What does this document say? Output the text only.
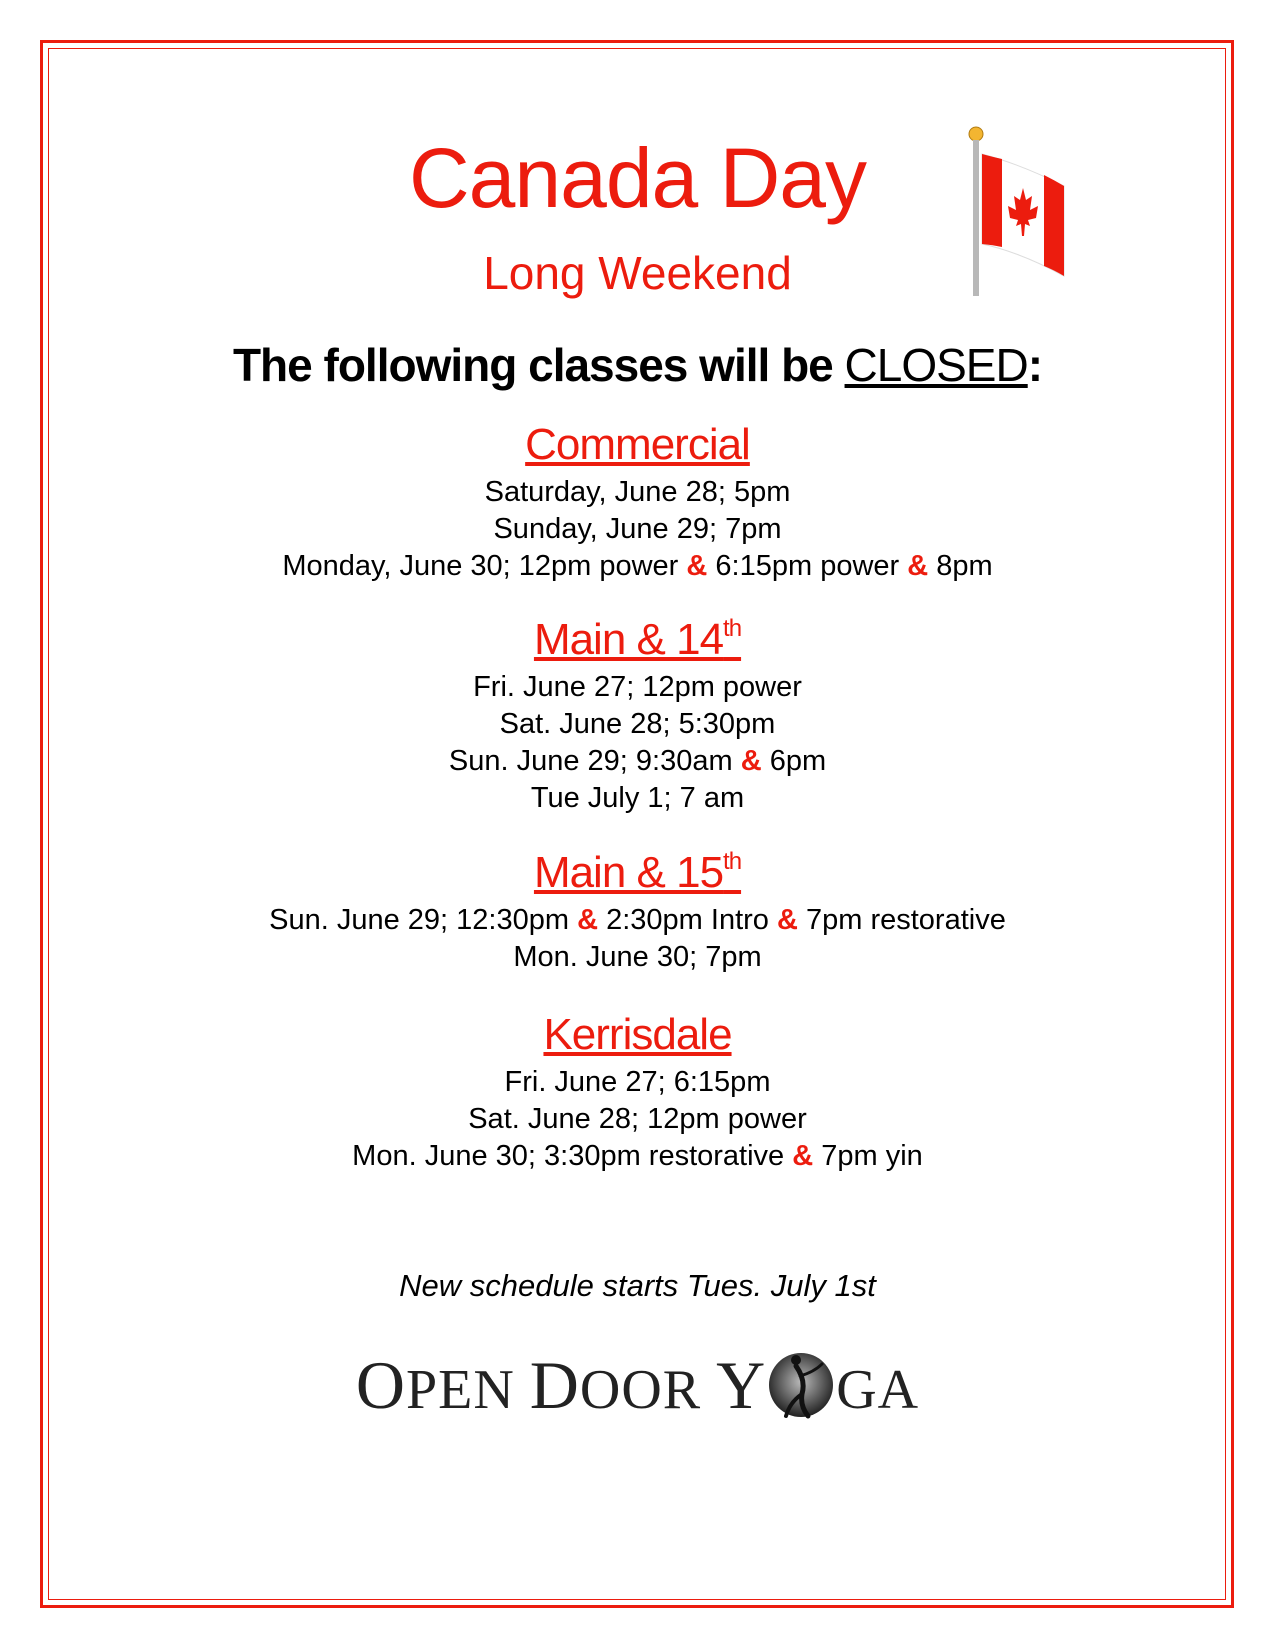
Canada Day
Long Weekend
The following classes will be CLOSED:
Commercial
Saturday, June 28; 5pm
Sunday, June 29; 7pm
Monday, June 30; 12pm power & 6:15pm power & 8pm
Main & 14th
Fri. June 27; 12pm power
Sat. June 28; 5:30pm
Sun. June 29; 9:30am & 6pm
Tue July 1; 7 am
Main & 15th
Sun. June 29; 12:30pm & 2:30pm Intro & 7pm restorative
Mon. June 30; 7pm
Kerrisdale
Fri. June 27; 6:15pm
Sat. June 28; 12pm power
Mon. June 30; 3:30pm restorative & 7pm yin
New schedule starts Tues. July 1st
OPEN DOOR Y GA
